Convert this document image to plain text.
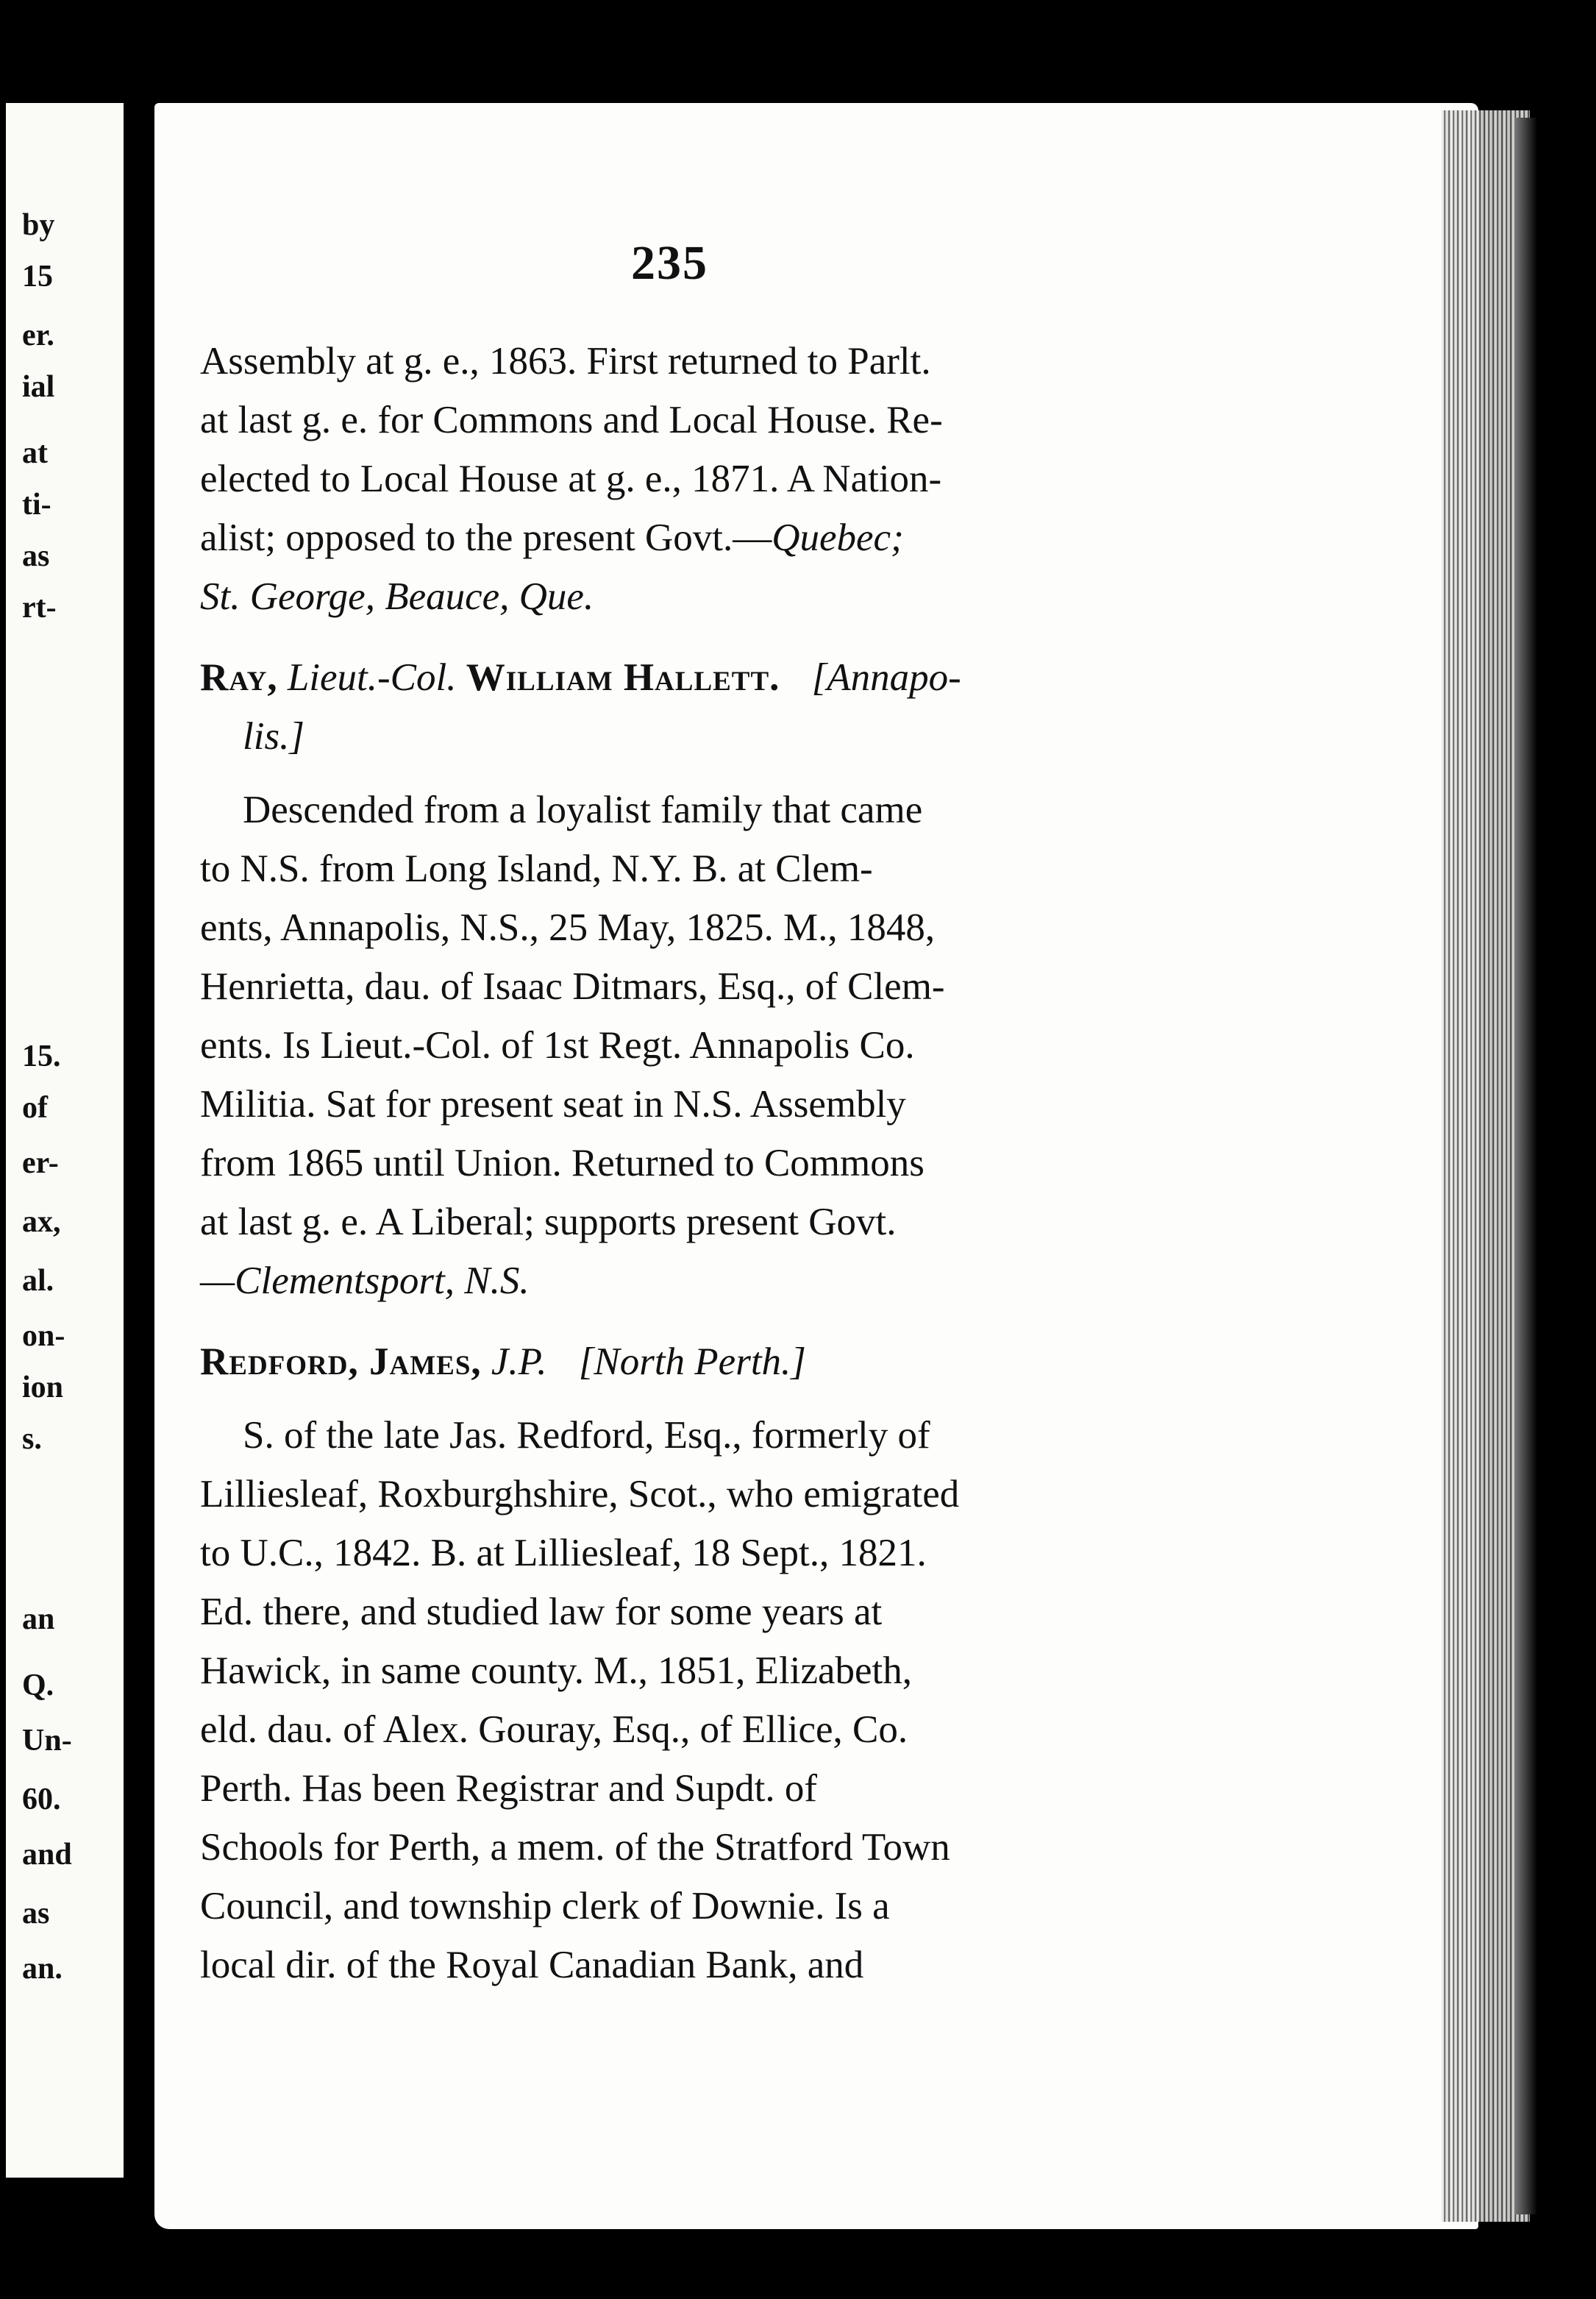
by
15
er.
ial
at
ti-
as
rt-
15.
of
er-
ax,
al.
on-
ion
s.
an
Q.
Un-
60.
and
as
an.
235
Assembly at g. e., 1863. First returned to Parlt.
at last g. e. for Commons and Local House. Re-
elected to Local House at g. e., 1871. A Nation-
alist; opposed to the present Govt.—Quebec;
St. George, Beauce, Que.
Ray, Lieut.-Col. William Hallett. [Annapo-
lis.]
Descended from a loyalist family that came
to N.S. from Long Island, N.Y. B. at Clem-
ents, Annapolis, N.S., 25 May, 1825. M., 1848,
Henrietta, dau. of Isaac Ditmars, Esq., of Clem-
ents. Is Lieut.-Col. of 1st Regt. Annapolis Co.
Militia. Sat for present seat in N.S. Assembly
from 1865 until Union. Returned to Commons
at last g. e. A Liberal; supports present Govt.
—Clementsport, N.S.
Redford, James, J.P. [North Perth.]
S. of the late Jas. Redford, Esq., formerly of
Lilliesleaf, Roxburghshire, Scot., who emigrated
to U.C., 1842. B. at Lilliesleaf, 18 Sept., 1821.
Ed. there, and studied law for some years at
Hawick, in same county. M., 1851, Elizabeth,
eld. dau. of Alex. Gouray, Esq., of Ellice, Co.
Perth. Has been Registrar and Supdt. of
Schools for Perth, a mem. of the Stratford Town
Council, and township clerk of Downie. Is a
local dir. of the Royal Canadian Bank, and
